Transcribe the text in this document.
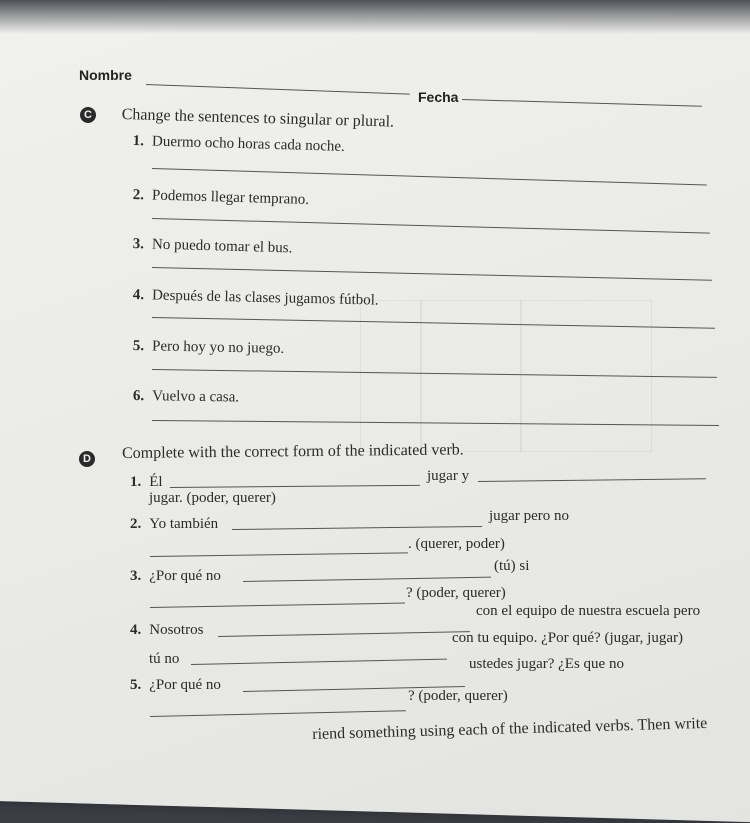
Nombre
Fecha
C Change the sentences to singular or plural.
1. Duermo ocho horas cada noche.
2. Podemos llegar temprano.
3. No puedo tomar el bus.
4. Después de las clases jugamos fútbol.
5. Pero hoy yo no juego.
6. Vuelvo a casa.
D Complete with the correct form of the indicated verb.
1. Él	jugar y
jugar. (poder, querer)
2. Yo también	jugar pero no
. (querer, poder)
3. ¿Por qué no
(tú) si
? (poder, querer)
4. Nosotros
con el equipo de nuestra escuela pero
tú no
con tu equipo. ¿Por qué? (jugar, jugar)
5. ¿Por qué no
ustedes jugar? ¿Es que no
? (poder, querer)
riend something using each of the indicated verbs. Then write
